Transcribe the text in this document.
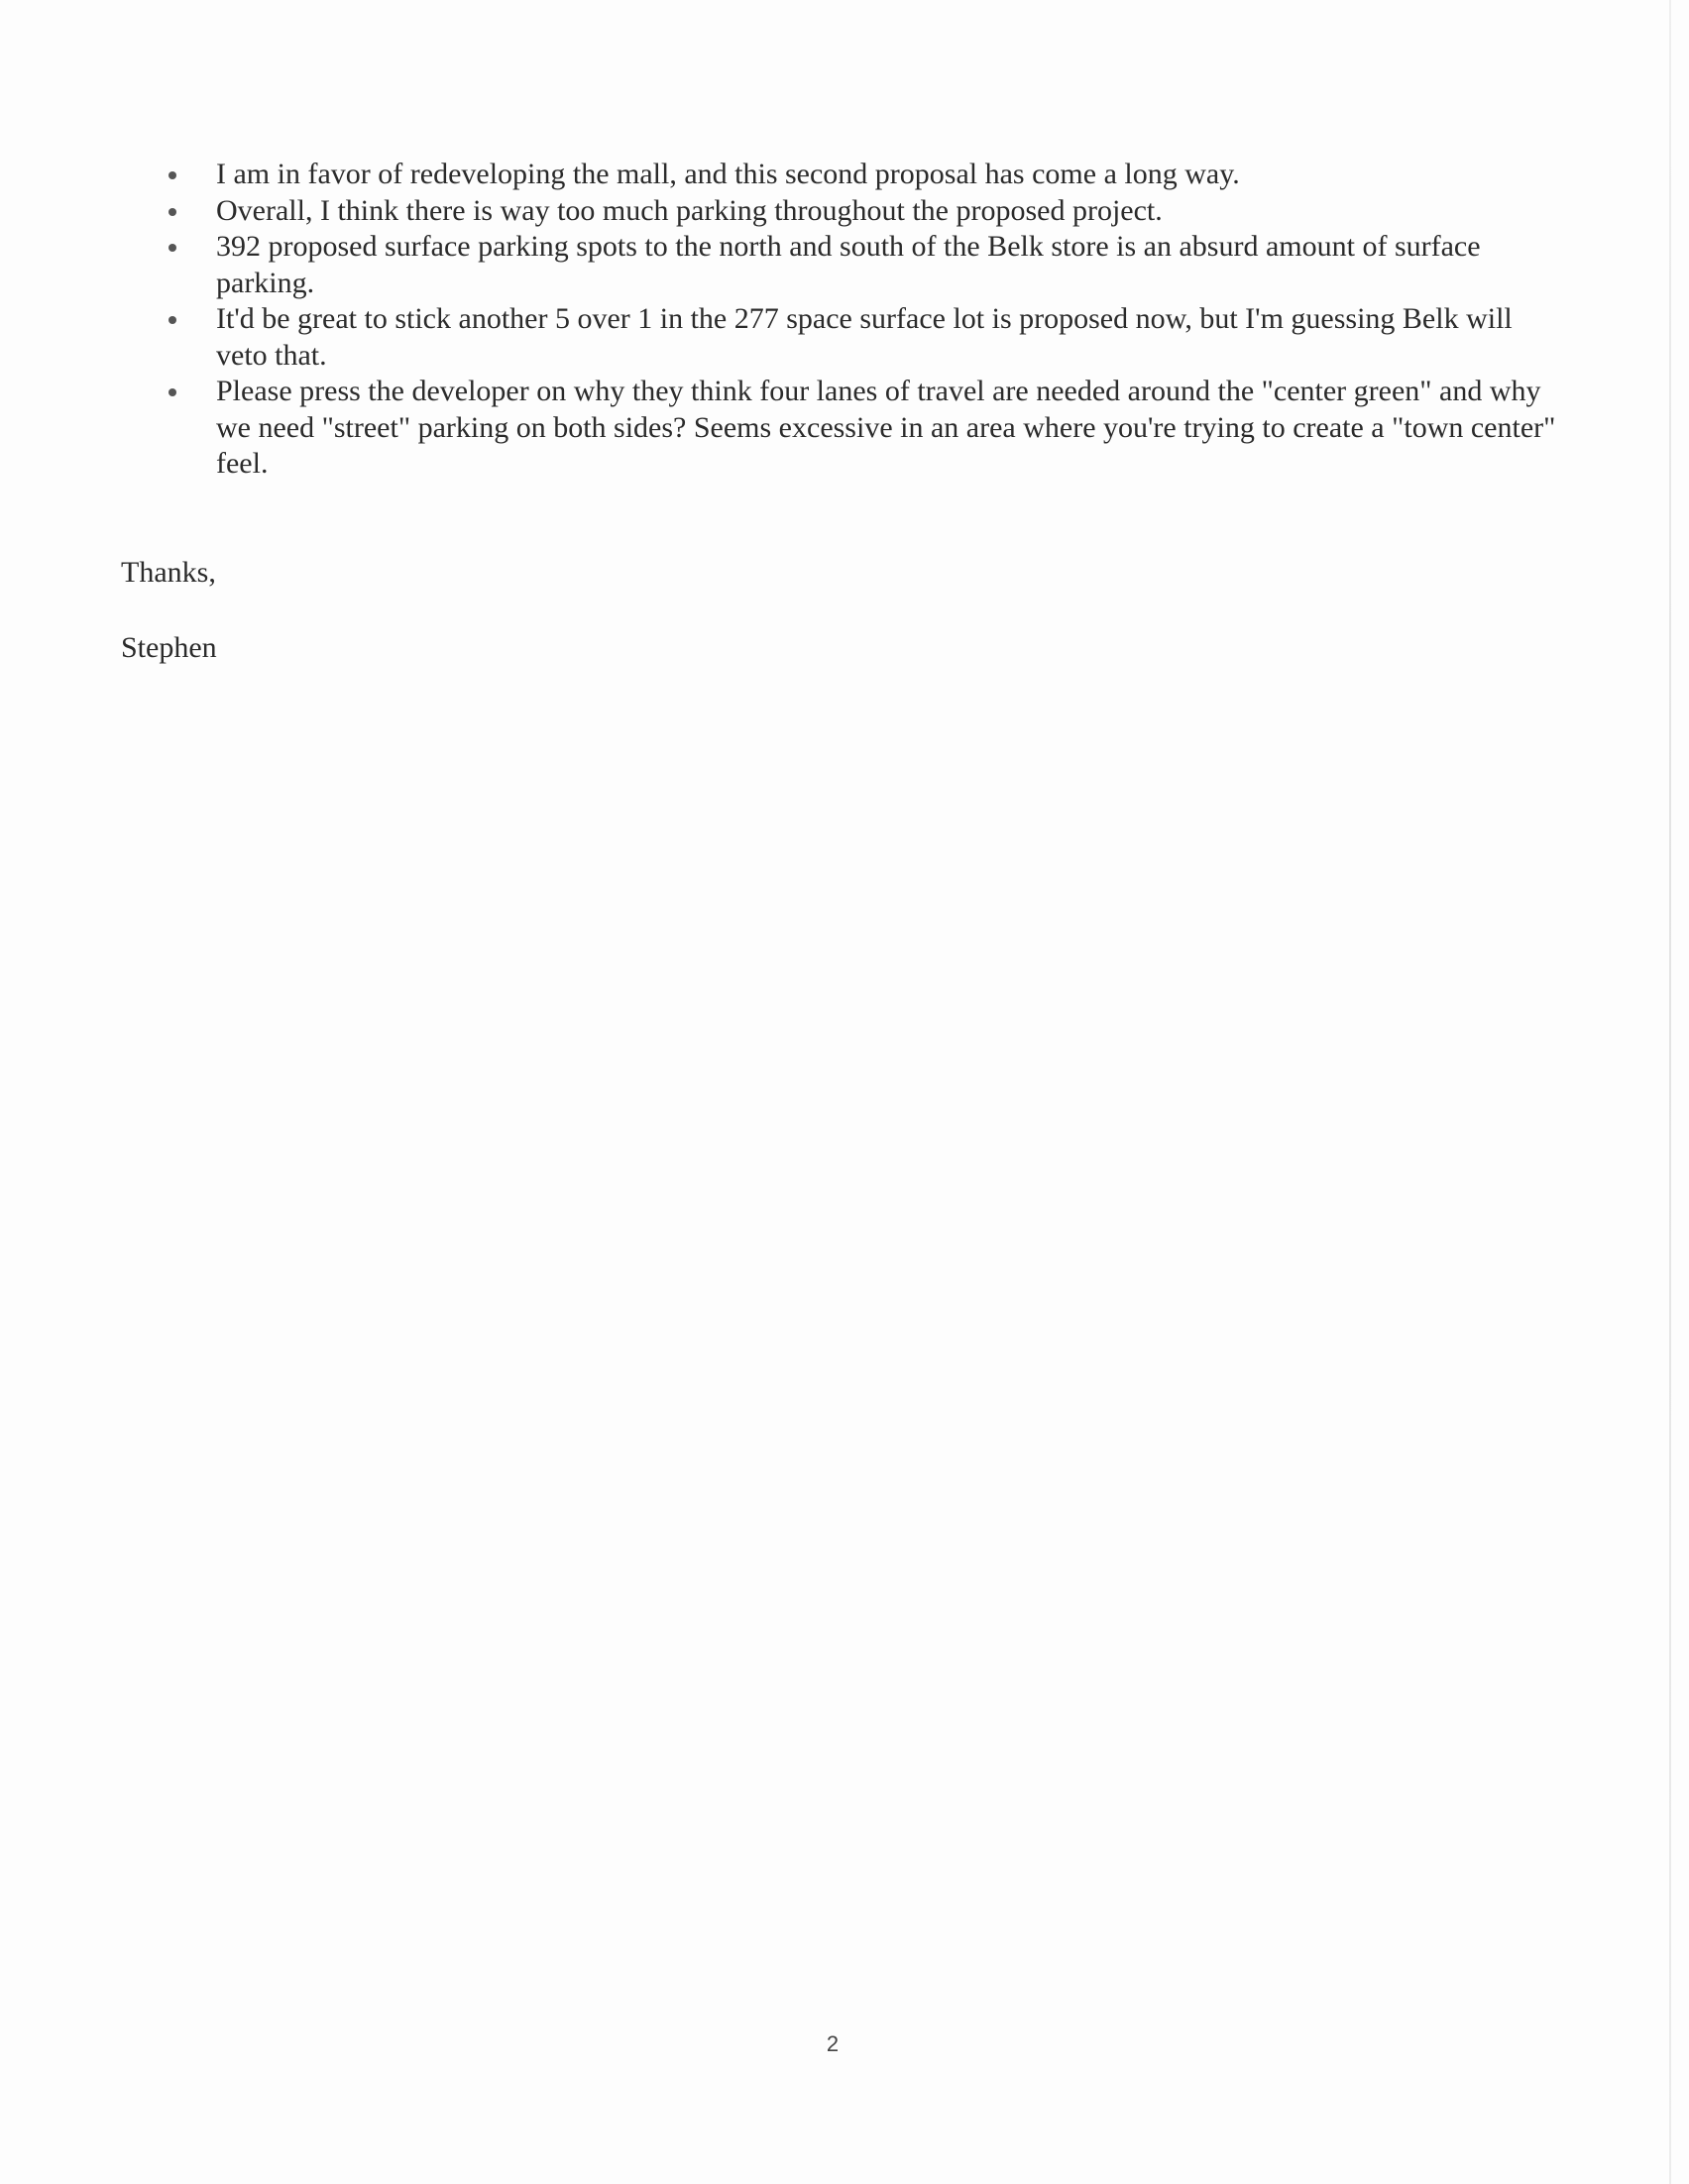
I am in favor of redeveloping the mall, and this second proposal has come a long way.
Overall, I think there is way too much parking throughout the proposed project.
392 proposed surface parking spots to the north and south of the Belk store is an absurd amount of surface parking.
It'd be great to stick another 5 over 1 in the 277 space surface lot is proposed now, but I'm guessing Belk will veto that.
Please press the developer on why they think four lanes of travel are needed around the "center green" and why we need "street" parking on both sides? Seems excessive in an area where you're trying to create a "town center" feel.

Thanks,

Stephen

2
